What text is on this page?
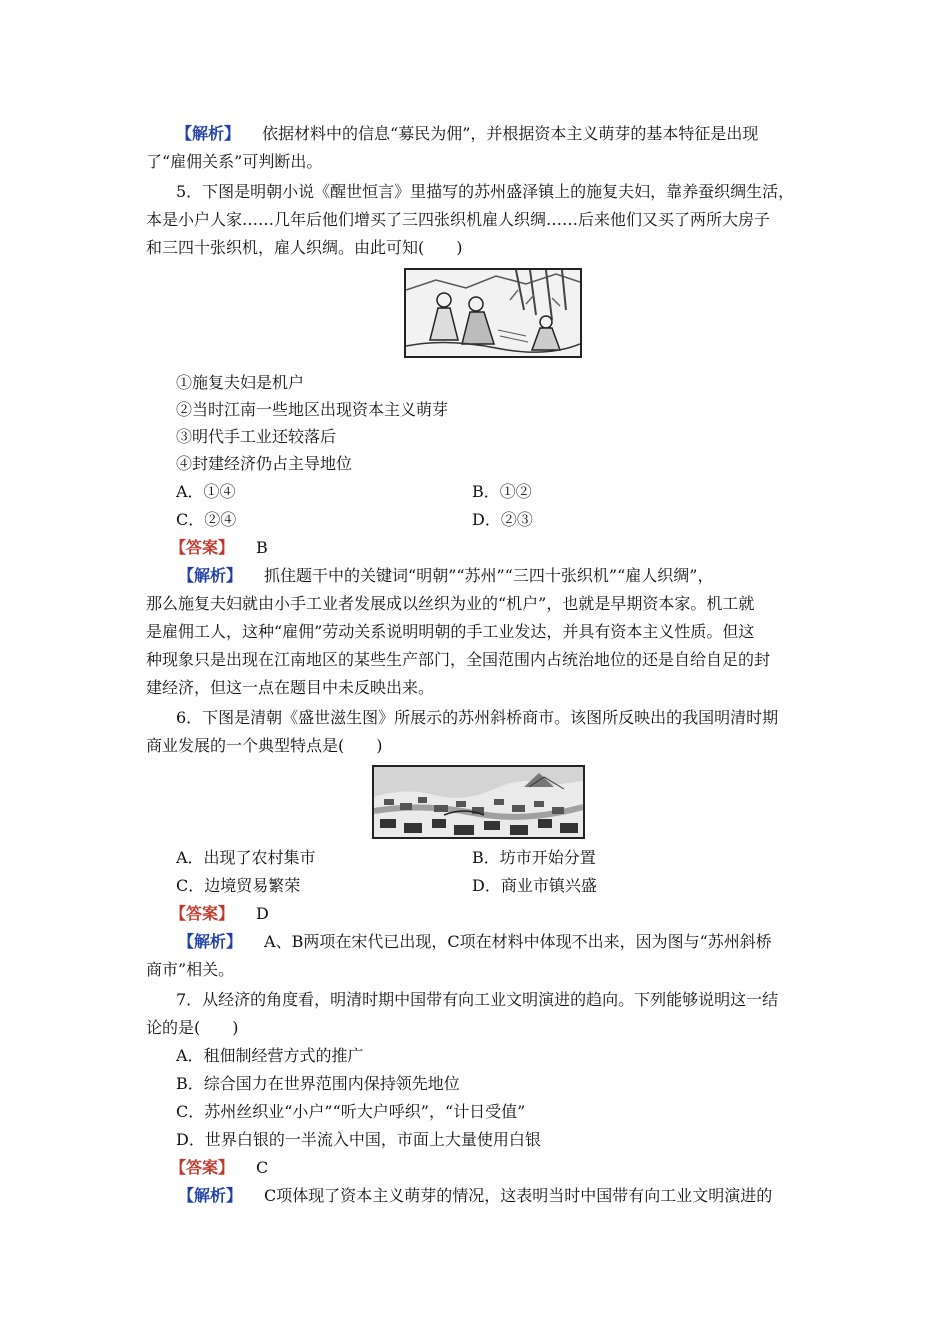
【解析】 依据材料中的信息“募民为佣”，并根据资本主义萌芽的基本特征是出现
了“雇佣关系”可判断出。
5．下图是明朝小说《醒世恒言》里描写的苏州盛泽镇上的施复夫妇，靠养蚕织绸生活，
本是小户人家……几年后他们增买了三四张织机雇人织绸……后来他们又买了两所大房子
和三四十张织机，雇人织绸。由此可知(　　)
①施复夫妇是机户
②当时江南一些地区出现资本主义萌芽
③明代手工业还较落后
④封建经济仍占主导地位
A．①④	B．①②
C．②④	D．②③
【答案】 B
【解析】 抓住题干中的关键词“明朝”“苏州”“三四十张织机”“雇人织绸”，
那么施复夫妇就由小手工业者发展成以丝织为业的“机户”，也就是早期资本家。机工就
是雇佣工人，这种“雇佣”劳动关系说明明朝的手工业发达，并具有资本主义性质。但这
种现象只是出现在江南地区的某些生产部门，全国范围内占统治地位的还是自给自足的封
建经济，但这一点在题目中未反映出来。
6．下图是清朝《盛世滋生图》所展示的苏州斜桥商市。该图所反映出的我国明清时期
商业发展的一个典型特点是(　　)
A．出现了农村集市	B．坊市开始分置
C．边境贸易繁荣	D．商业市镇兴盛
【答案】 D
【解析】 A、B两项在宋代已出现，C项在材料中体现不出来，因为图与“苏州斜桥
商市”相关。
7．从经济的角度看，明清时期中国带有向工业文明演进的趋向。下列能够说明这一结
论的是(　　)
A．租佃制经营方式的推广
B．综合国力在世界范围内保持领先地位
C．苏州丝织业“小户”“听大户呼织”，“计日受值”
D．世界白银的一半流入中国，市面上大量使用白银
【答案】 C
【解析】 C项体现了资本主义萌芽的情况，这表明当时中国带有向工业文明演进的
